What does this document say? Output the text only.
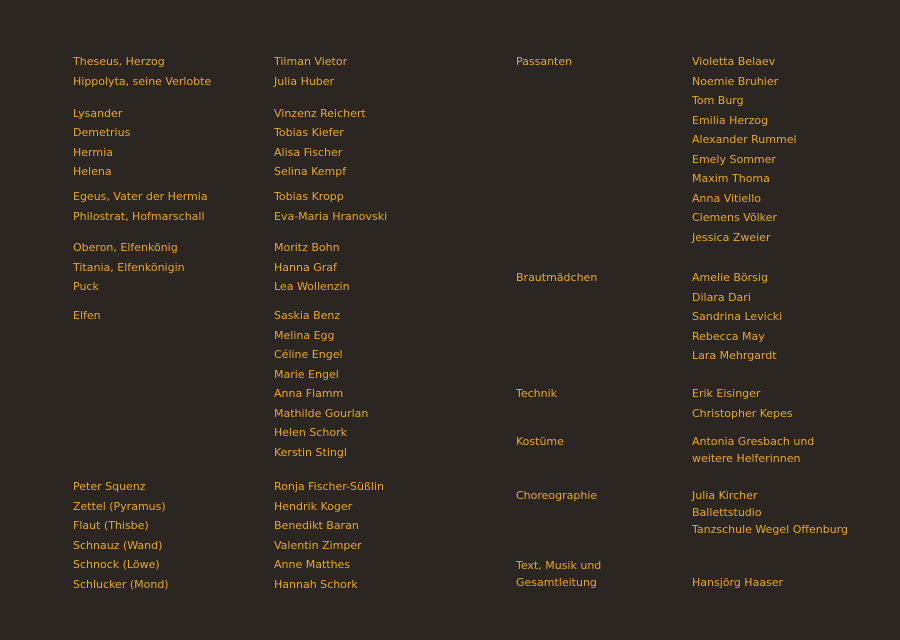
Theseus, Herzog
Hippolyta, seine Verlobte
Lysander
Demetrius
Hermia
Helena
Egeus, Vater der Hermia
Philostrat, Hofmarschall
Oberon, Elfenkönig
Titania, Elfenkönigin
Puck
Elfen
Peter Squenz
Zettel (Pyramus)
Flaut (Thisbe)
Schnauz (Wand)
Schnock (Löwe)
Schlucker (Mond)
Tilman Vietor
Julia Huber
Vinzenz Reichert
Tobias Kiefer
Alisa Fischer
Selina Kempf
Tobias Kropp
Eva-Maria Hranovski
Moritz Bohn
Hanna Graf
Lea Wollenzin
Saskia Benz
Melina Egg
Céline Engel
Marie Engel
Anna Flamm
Mathilde Gourlan
Helen Schork
Kerstin Stingl
Ronja Fischer-Süßlin
Hendrik Koger
Benedikt Baran
Valentin Zimper
Anne Matthes
Hannah Schork
Passanten
Brautmädchen
Technik
Kostüme
Choreographie
Text, Musik und
Gesamtleitung
Violetta Belaev
Noemie Bruhier
Tom Burg
Emilia Herzog
Alexander Rummel
Emely Sommer
Maxim Thoma
Anna Vitiello
Clemens Völker
Jessica Zweier
Amelie Börsig
Dilara Dari
Sandrina Levicki
Rebecca May
Lara Mehrgardt
Erik Eisinger
Christopher Kepes
Antonia Gresbach und
weitere Helferinnen
Julia Kircher
Ballettstudio
Tanzschule Wegel Offenburg
Hansjörg Haaser
